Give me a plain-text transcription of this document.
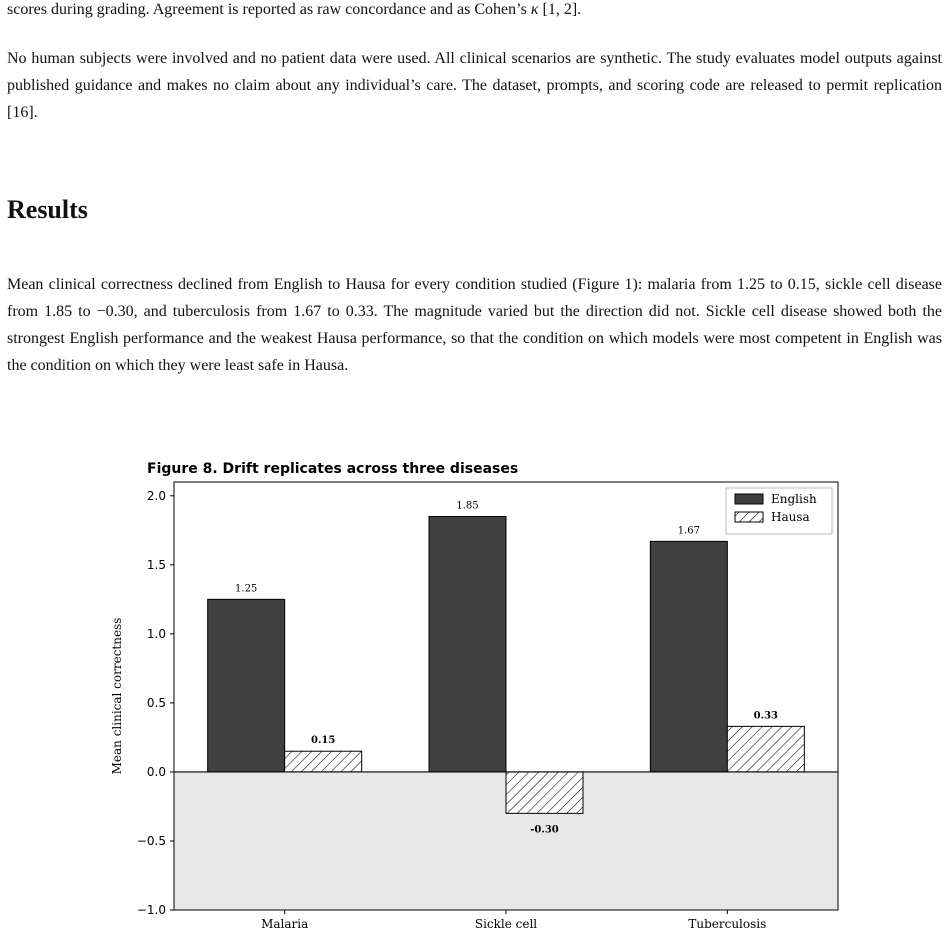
scores during grading. Agreement is reported as raw concordance and as Cohen’s κ [1, 2].

No human subjects were involved and no patient data were used. All clinical scenarios are synthetic. The study evaluates model outputs against published guidance and makes no claim about any individual’s care. The dataset, prompts, and scoring code are released to permit replication [16].

Results

Mean clinical correctness declined from English to Hausa for every condition studied (Figure 1): malaria from 1.25 to 0.15, sickle cell disease from 1.85 to −0.30, and tuberculosis from 1.67 to 0.33. The magnitude varied but the direction did not. Sickle cell disease showed both the strongest English performance and the weakest Hausa performance, so that the condition on which models were most competent in English was the condition on which they were least safe in Hausa.

1.25
0.15
Malaria
1.85
-0.30
Sickle cell
1.67
0.33
Tuberculosis
−1.0
−0.5
0.0
0.5
1.0
1.5
2.0
Mean clinical correctness
Figure 8. Drift replicates across three diseases
English
Hausa
